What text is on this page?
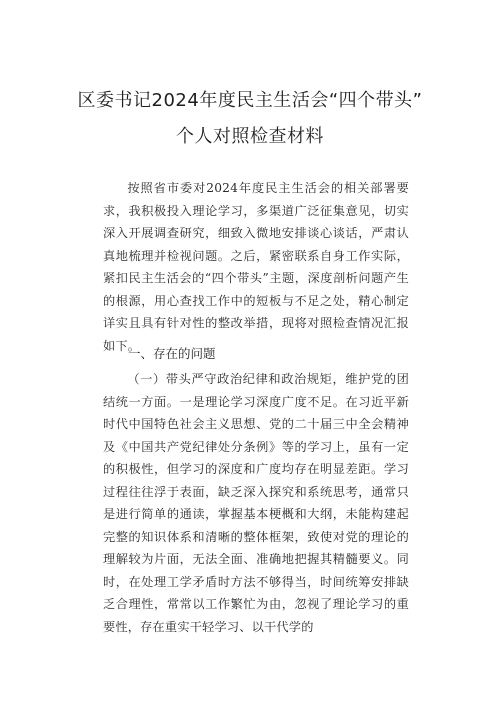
区委书记2024年度民主生活会“四个带头”
个人对照检查材料

按照省市委对2024年度民主生活会的相关部署要求，我积极投入理论学习，多渠道广泛征集意见，切实深入开展调查研究，细致入微地安排谈心谈话，严肃认真地梳理并检视问题。之后，紧密联系自身工作实际，紧扣民主生活会的“四个带头”主题，深度剖析问题产生的根源，用心查找工作中的短板与不足之处，精心制定详实且具有针对性的整改举措，现将对照检查情况汇报如下。

一、存在的问题

（一）带头严守政治纪律和政治规矩，维护党的团结统一方面。一是理论学习深度广度不足。在习近平新时代中国特色社会主义思想、党的二十届三中全会精神及《中国共产党纪律处分条例》等的学习上，虽有一定的积极性，但学习的深度和广度均存在明显差距。学习过程往往浮于表面，缺乏深入探究和系统思考，通常只是进行简单的通读，掌握基本梗概和大纲，未能构建起完整的知识体系和清晰的整体框架，致使对党的理论的理解较为片面，无法全面、准确地把握其精髓要义。同时，在处理工学矛盾时方法不够得当，时间统筹安排缺乏合理性，常常以工作繁忙为由，忽视了理论学习的重要性，存在重实干轻学习、以干代学的
